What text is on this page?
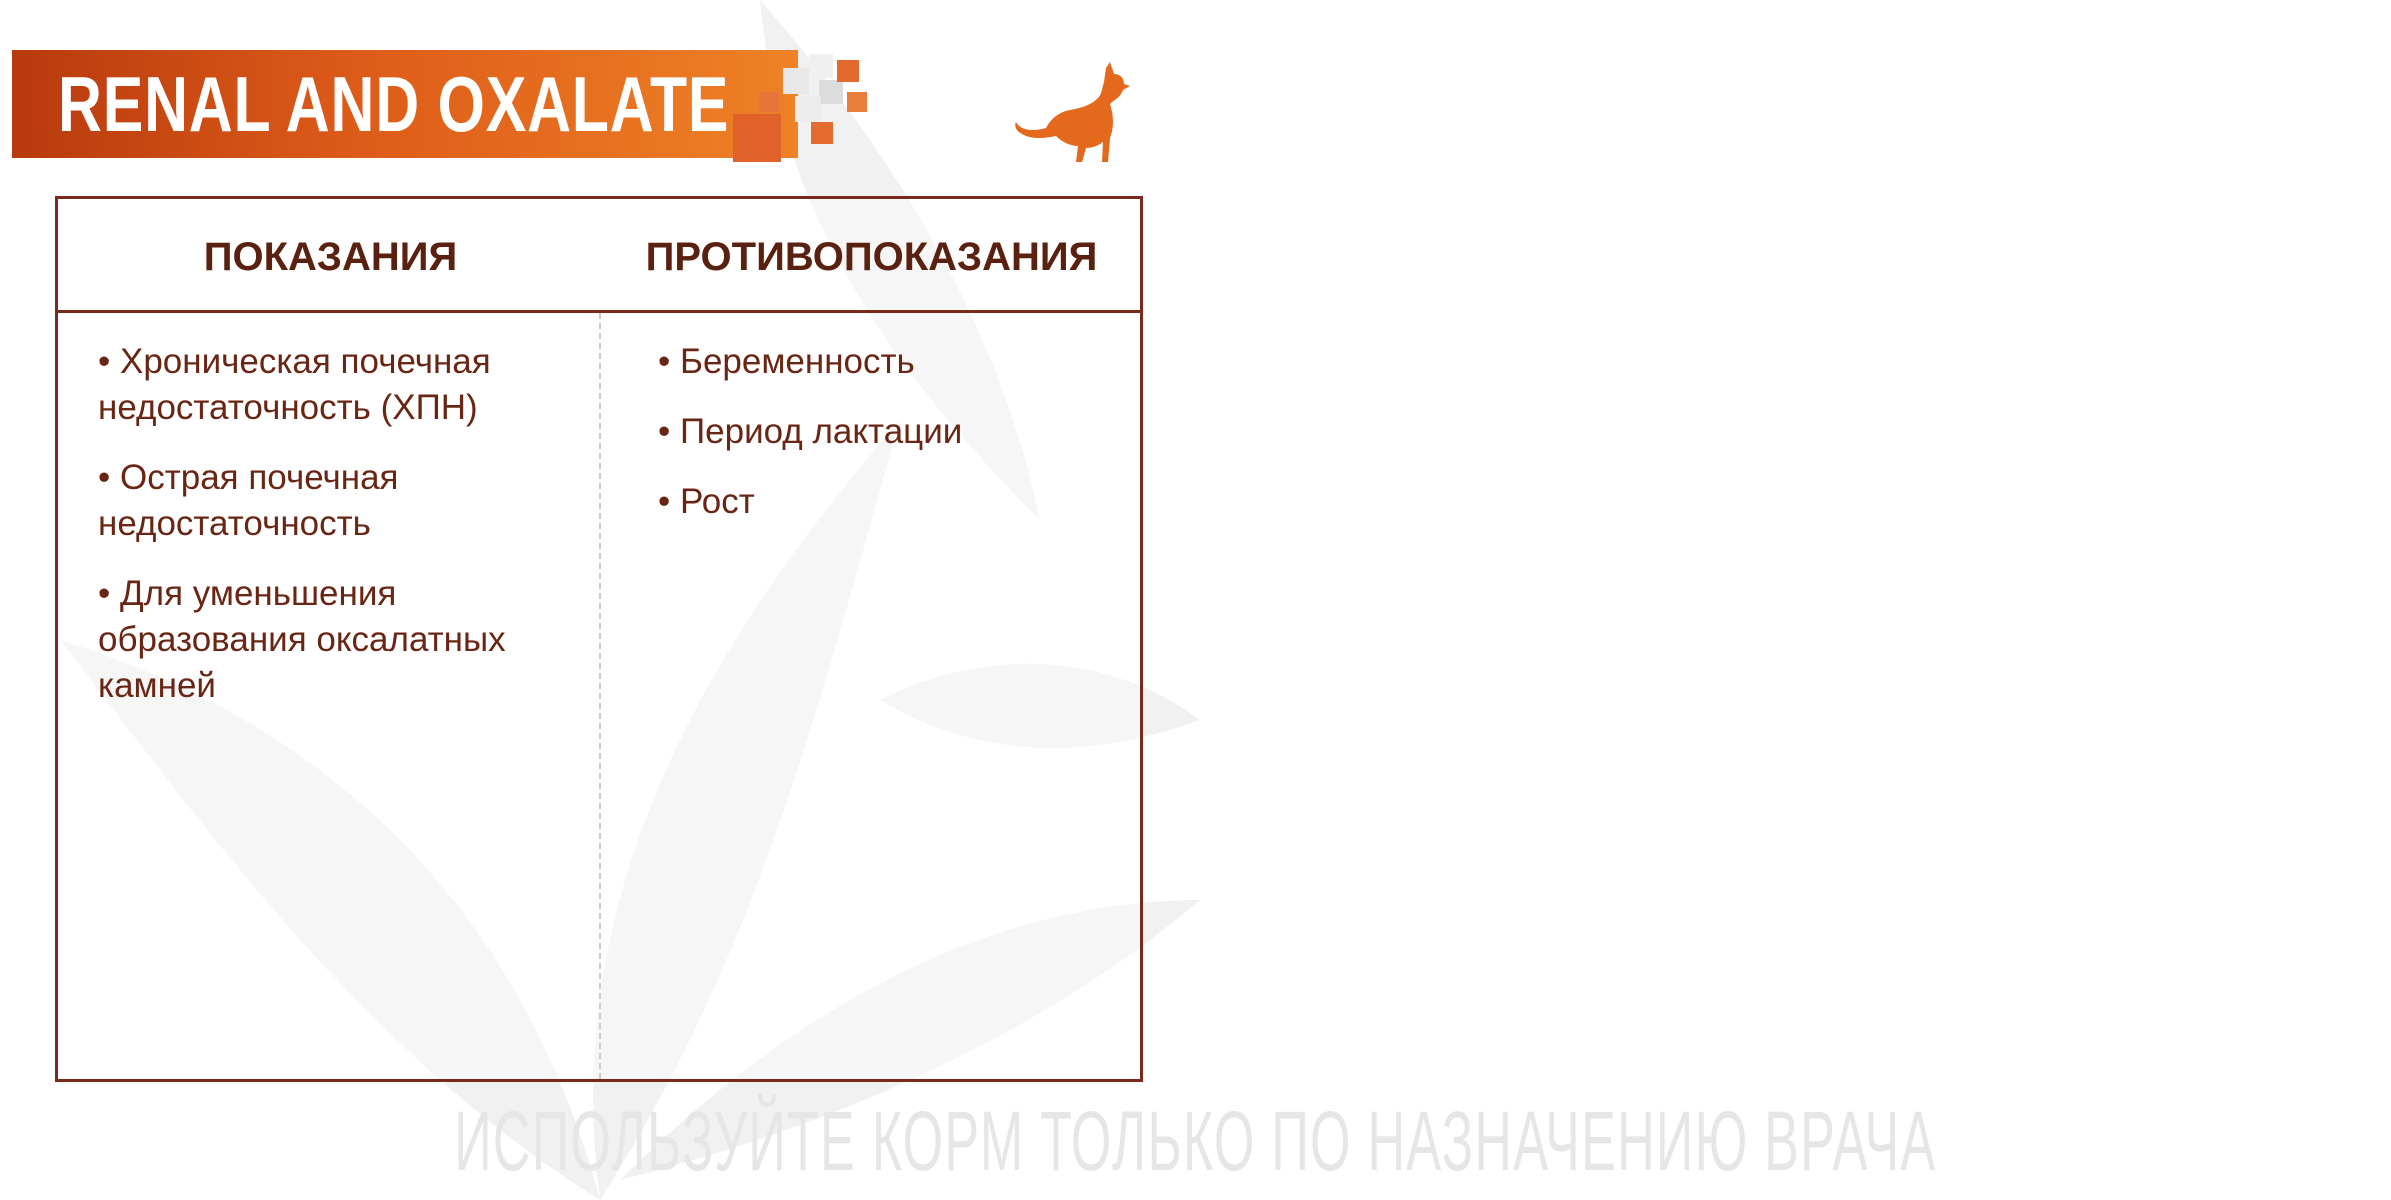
RENAL AND OXALATE
ПОКАЗАНИЯ	ПРОТИВОПОКАЗАНИЯ
• Хроническая почечная недостаточность (ХПН)
• Острая почечная недостаточность
• Для уменьшения образования оксалатных камней
• Беременность
• Период лактации
• Рост
ИСПОЛЬЗУЙТЕ КОРМ ТОЛЬКО ПО НАЗНАЧЕНИЮ ВРАЧА
